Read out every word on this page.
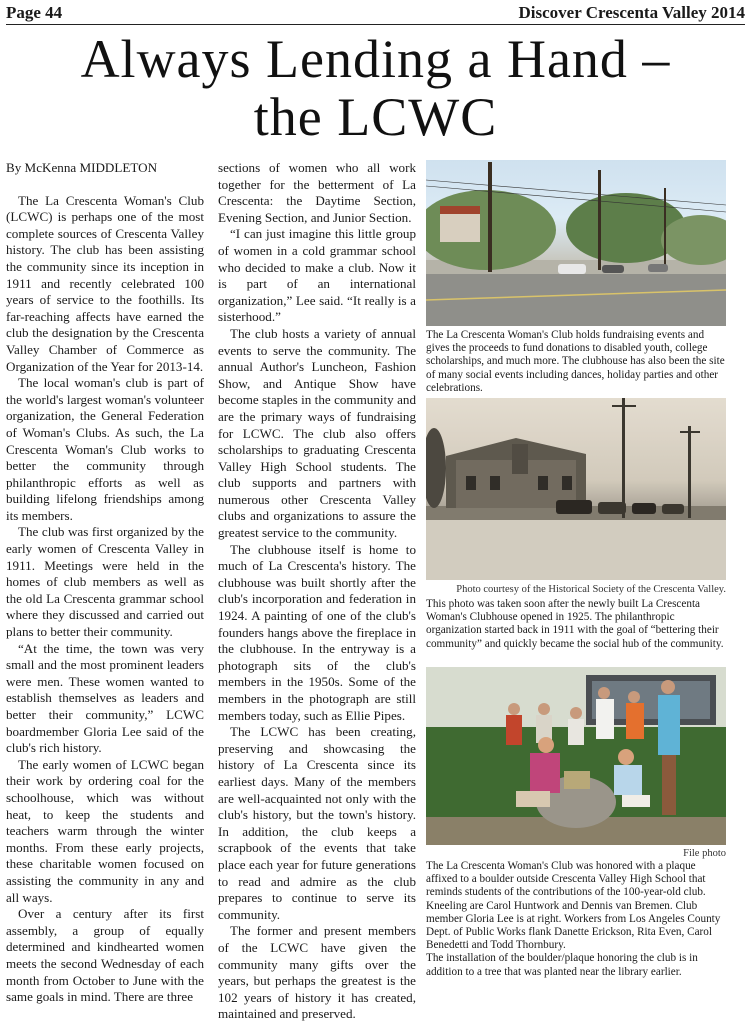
Page 44	Discover Crescenta Valley 2014
Always Lending a Hand –
the LCWC

By McKenna MIDDLETON

The La Crescenta Woman's Club (LCWC) is perhaps one of the most complete sources of Crescenta Valley history. The club has been assisting the community since its inception in 1911 and recently celebrated 100 years of service to the foothills. Its far-reaching affects have earned the club the designation by the Crescenta Valley Chamber of Commerce as Organization of the Year for 2013-14.

The local woman's club is part of the world's largest woman's volunteer organization, the General Federation of Woman's Clubs. As such, the La Crescenta Woman's Club works to better the community through philanthropic efforts as well as building lifelong friendships among its members.

The club was first organized by the early women of Crescenta Valley in 1911. Meetings were held in the homes of club members as well as the old La Crescenta grammar school where they discussed and carried out plans to better their community.

“At the time, the town was very small and the most prominent leaders were men. These women wanted to establish themselves as leaders and better their community,” LCWC boardmember Gloria Lee said of the club's rich history.

The early women of LCWC began their work by ordering coal for the schoolhouse, which was without heat, to keep the students and teachers warm through the winter months. From these early projects, these charitable women focused on assisting the community in any and all ways.

Over a century after its first assembly, a group of equally determined and kindhearted women meets the second Wednesday of each month from October to June with the same goals in mind. There are three

sections of women who all work together for the betterment of La Crescenta: the Daytime Section, Evening Section, and Junior Section.

“I can just imagine this little group of women in a cold grammar school who decided to make a club. Now it is part of an international organization,” Lee said. “It really is a sisterhood.”

The club hosts a variety of annual events to serve the community. The annual Author's Luncheon, Fashion Show, and Antique Show have become staples in the community and are the primary ways of fundraising for LCWC. The club also offers scholarships to graduating Crescenta Valley High School students. The club supports and partners with numerous other Crescenta Valley clubs and organizations to assure the greatest service to the community.

The clubhouse itself is home to much of La Crescenta's history. The clubhouse was built shortly after the club's incorporation and federation in 1924. A painting of one of the club's founders hangs above the fireplace in the clubhouse. In the entryway is a photograph sits of the club's members in the 1950s. Some of the members in the photograph are still members today, such as Ellie Pipes.

The LCWC has been creating, preserving and showcasing the history of La Crescenta since its earliest days. Many of the members are well-acquainted not only with the club's history, but the town's history. In addition, the club keeps a scrapbook of the events that take place each year for future generations to read and admire as the club prepares to continue to serve its community.

The former and present members of the LCWC have given the community many gifts over the years, but perhaps the greatest is the 102 years of history it has created, maintained and preserved.

The La Crescenta Woman's Club holds fundraising events and gives the proceeds to fund donations to disabled youth, college scholarships, and much more. The clubhouse has also been the site of many social events including dances, holiday parties and other celebrations.
Photo courtesy of the Historical Society of the Crescenta Valley.
This photo was taken soon after the newly built La Crescenta Woman's Clubhouse opened in 1925. The philanthropic organization started back in 1911 with the goal of “bettering their community” and quickly became the social hub of the community.
File photo

The La Crescenta Woman's Club was honored with a plaque affixed to a boulder outside Crescenta Valley High School that reminds students of the contributions of the 100-year-old club.

Kneeling are Carol Huntwork and Dennis van Bremen. Club member Gloria Lee is at right. Workers from Los Angeles County Dept. of Public Works flank Danette Erickson, Rita Even, Carol Benedetti and Todd Thornbury.

The installation of the boulder/plaque honoring the club is in addition to a tree that was planted near the library earlier.
